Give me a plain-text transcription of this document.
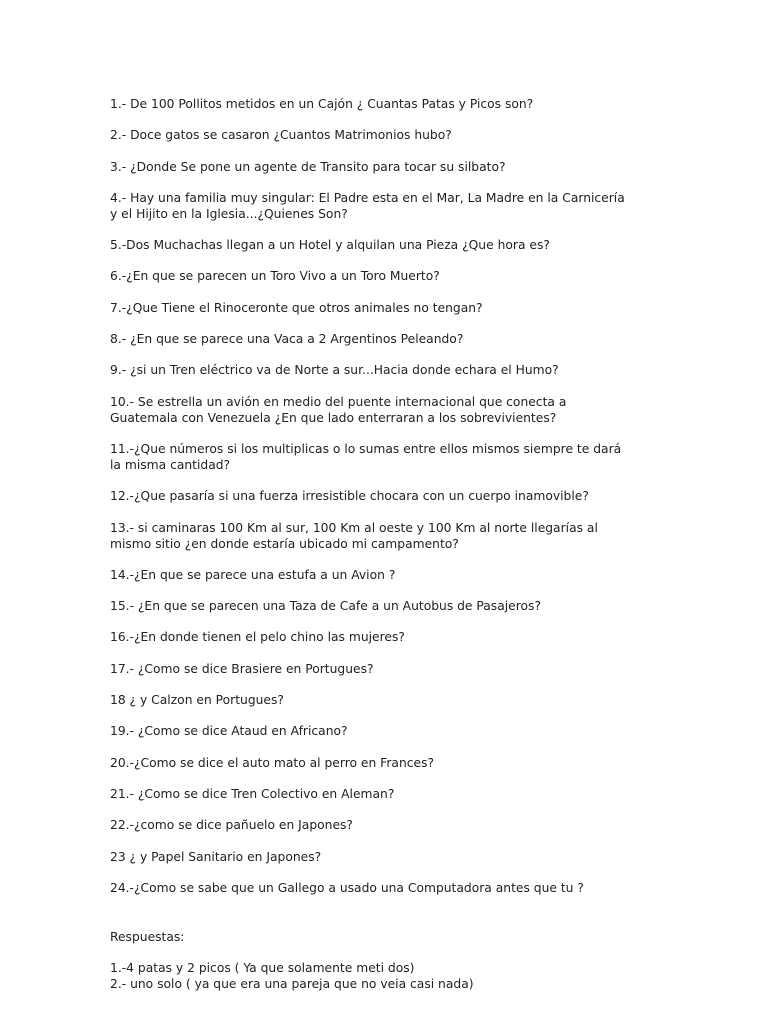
1.- De 100 Pollitos metidos en un Cajón ¿ Cuantas Patas y Picos son?
2.- Doce gatos se casaron ¿Cuantos Matrimonios hubo?
3.- ¿Donde Se pone un agente de Transito para tocar su silbato?
4.- Hay una familia muy singular: El Padre esta en el Mar, La Madre en la Carnicería
y el Hijito en la Iglesia...¿Quienes Son?
5.-Dos Muchachas llegan a un Hotel y alquilan una Pieza ¿Que hora es?
6.-¿En que se parecen un Toro Vivo a un Toro Muerto?
7.-¿Que Tiene el Rinoceronte que otros animales no tengan?
8.- ¿En que se parece una Vaca a 2 Argentinos Peleando?
9.- ¿si un Tren eléctrico va de Norte a sur...Hacia donde echara el Humo?
10.- Se estrella un avión en medio del puente internacional que conecta a
Guatemala con Venezuela ¿En que lado enterraran a los sobrevivientes?
11.-¿Que números si los multiplicas o lo sumas entre ellos mismos siempre te dará
la misma cantidad?
12.-¿Que pasaría si una fuerza irresistible chocara con un cuerpo inamovible?
13.- si caminaras 100 Km al sur, 100 Km al oeste y 100 Km al norte llegarías al
mismo sitio ¿en donde estaría ubicado mi campamento?
14.-¿En que se parece una estufa a un Avion ?
15.- ¿En que se parecen una Taza de Cafe a un Autobus de Pasajeros?
16.-¿En donde tienen el pelo chino las mujeres?
17.- ¿Como se dice Brasiere en Portugues?
18 ¿ y Calzon en Portugues?
19.- ¿Como se dice Ataud en Africano?
20.-¿Como se dice el auto mato al perro en Frances?
21.- ¿Como se dice Tren Colectivo en Aleman?
22.-¿como se dice pañuelo en Japones?
23 ¿ y Papel Sanitario en Japones?
24.-¿Como se sabe que un Gallego a usado una Computadora antes que tu ?
Respuestas:
1.-4 patas y 2 picos ( Ya que solamente meti dos)
2.- uno solo ( ya que era una pareja que no veia casi nada)
